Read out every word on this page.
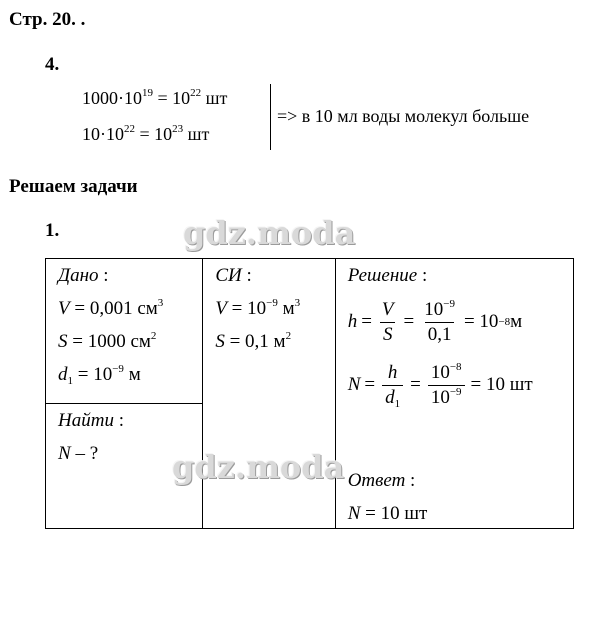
Стр. 20. .
4.
$1000\cdot 10^{19} = 10^{22}$ шт
$10\cdot 10^{22} = 10^{23}$ шт
=> в 10 мл воды молекул больше
Решаем задачи
1.
Дано :
V = 0,001 $см^3$
S = 1000 $см^2$
$d_1 = 10^{-9}$ м

СИ :
$V = 10^{-9}$ $м^3$
S = 0,1 $м^2$

Решение :
$h = \frac{V}{S} = \frac{10^{-9}}{0,1} = 10 -8$ м
$N = \frac{h}{d_1} = \frac{10^{-8}}{10^{-9}} = 10$ шт
Ответ :
N = 10 шт

Найти :
N – ?
gdz.moda
gdz.moda
